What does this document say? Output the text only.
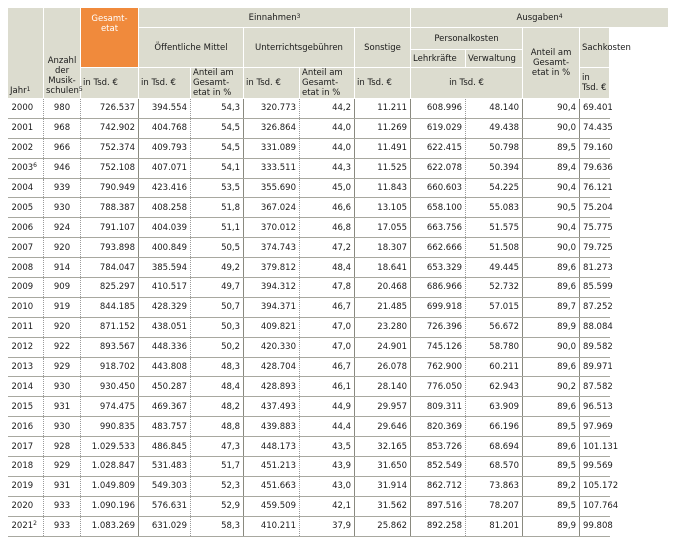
Jahr$^1$	Anzahl der Musik-schulen$^5$	Gesamt-etat	Einnahmen$^3$					Ausgaben$^4$
			Öffentliche Mittel		Unterrichtsgebühren		Sonstige	Personalkosten		Anteil am Gesamt-etat in %	Sachkosten
								Lehrkräfte	Verwaltung		
		in Tsd. €	in Tsd. €	Anteil am Gesamt-etat in %	in Tsd. €	Anteil am Gesamt-etat in %	in Tsd. €	in Tsd. €			in Tsd. €
2000	980	726.537	394.554	54,3	320.773	44,2	11.211	608.996	48.140	90,4	69.401
2001	968	742.902	404.768	54,5	326.864	44,0	11.269	619.029	49.438	90,0	74.435
2002	966	752.374	409.793	54,5	331.089	44,0	11.491	622.415	50.798	89,5	79.160
2003$^6$	946	752.108	407.071	54,1	333.511	44,3	11.525	622.078	50.394	89,4	79.636
2004	939	790.949	423.416	53,5	355.690	45,0	11.843	660.603	54.225	90,4	76.121
2005	930	788.387	408.258	51,8	367.024	46,6	13.105	658.100	55.083	90,5	75.204
2006	924	791.107	404.039	51,1	370.012	46,8	17.055	663.756	51.575	90,4	75.775
2007	920	793.898	400.849	50,5	374.743	47,2	18.307	662.666	51.508	90,0	79.725
2008	914	784.047	385.594	49,2	379.812	48,4	18.641	653.329	49.445	89,6	81.273
2009	909	825.297	410.517	49,7	394.312	47,8	20.468	686.966	52.732	89,6	85.599
2010	919	844.185	428.329	50,7	394.371	46,7	21.485	699.918	57.015	89,7	87.252
2011	920	871.152	438.051	50,3	409.821	47,0	23.280	726.396	56.672	89,9	88.084
2012	922	893.567	448.336	50,2	420.330	47,0	24.901	745.126	58.780	90,0	89.582
2013	929	918.702	443.808	48,3	428.704	46,7	26.078	762.900	60.211	89,6	89.971
2014	930	930.450	450.287	48,4	428.893	46,1	28.140	776.050	62.943	90,2	87.582
2015	931	974.475	469.367	48,2	437.493	44,9	29.957	809.311	63.909	89,6	96.513
2016	930	990.835	483.757	48,8	439.883	44,4	29.646	820.369	66.196	89,5	97.969
2017	928	1.029.533	486.845	47,3	448.173	43,5	32.165	853.726	68.694	89,6	101.131
2018	929	1.028.847	531.483	51,7	451.213	43,9	31.650	852.549	68.570	89,5	99.569
2019	931	1.049.809	549.303	52,3	451.663	43,0	31.914	862.712	73.863	89,2	105.172
2020	933	1.090.196	576.631	52,9	459.509	42,1	31.562	897.516	78.207	89,5	107.764
2021$^2$	933	1.083.269	631.029	58,3	410.211	37,9	25.862	892.258	81.201	89,9	99.808
